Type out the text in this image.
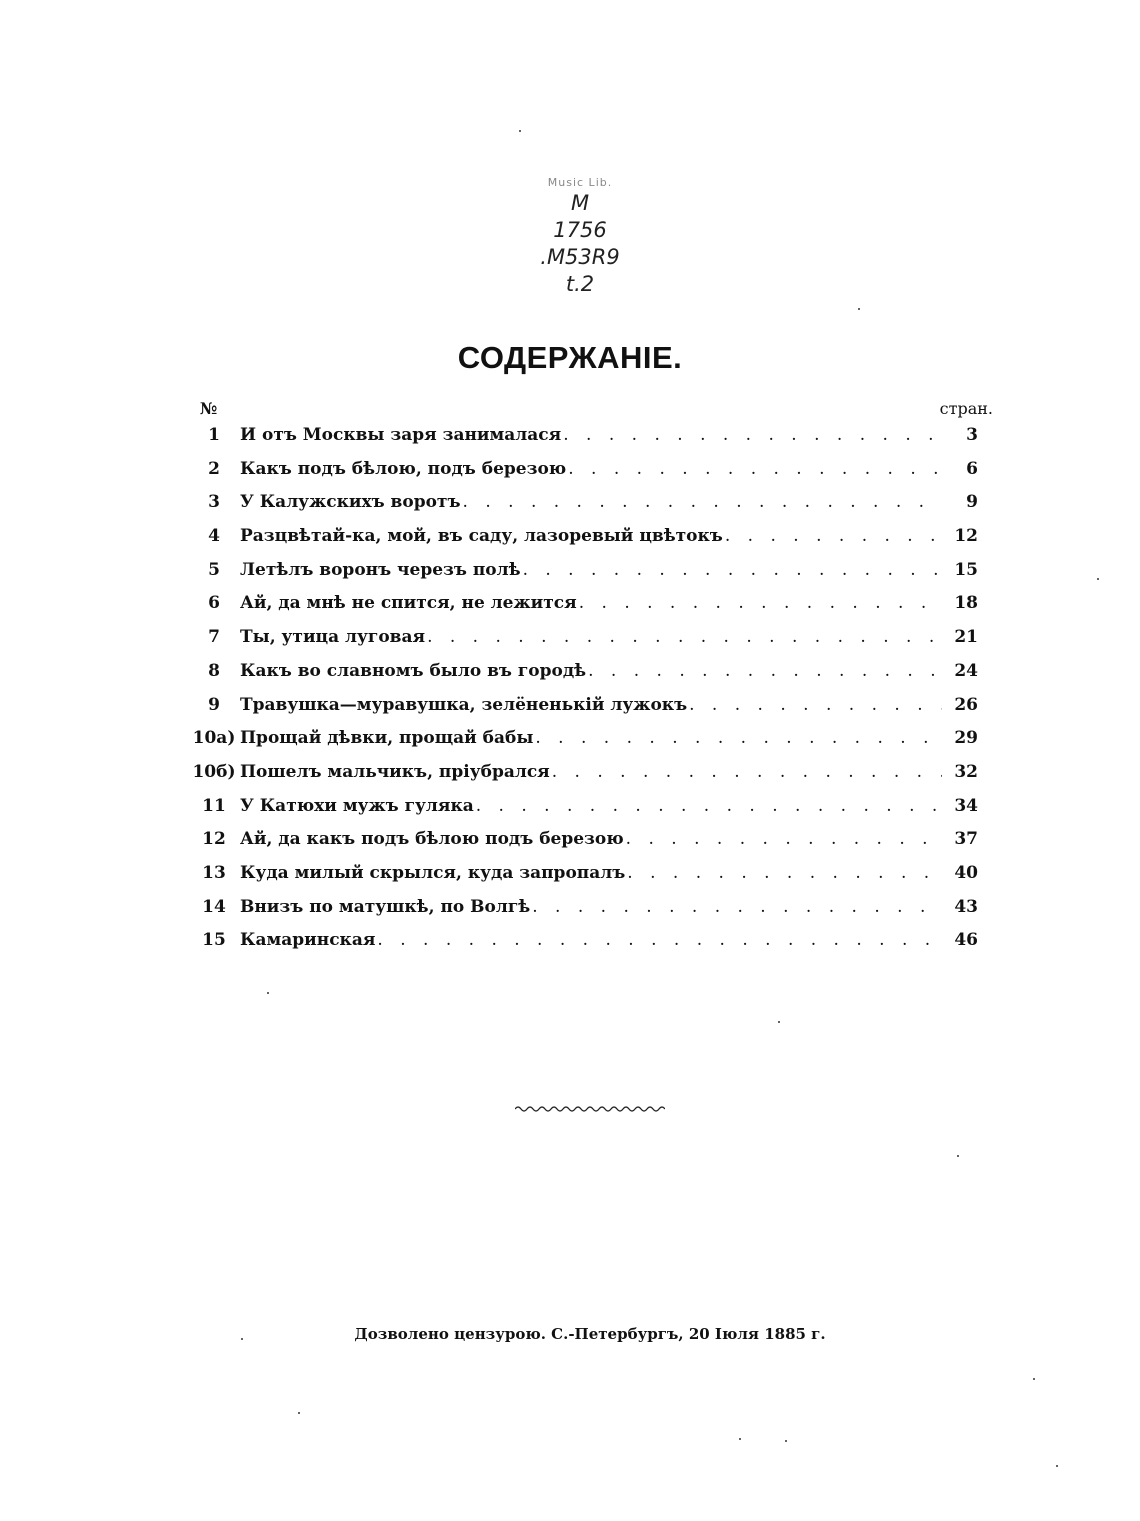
Music Lib.
M
1756
.M53R9
t.2
СОДЕРЖАНІЕ.
№	стран.
1	И отъ Москвы заря занималася . . .	3
2	Какъ подъ бѣлою, подъ березою . . .	6
3	У Калужскихъ воротъ . . .	9
4	Разцвѣтай-ка, мой, въ саду, лазоревый цвѣтокъ . . .	12
5	Летѣлъ воронъ черезъ полѣ . . .	15
6	Ай, да мнѣ не спится, не лежится . . .	18
7	Ты, утица луговая . . .	21
8	Какъ во славномъ было въ городѣ . . .	24
9	Травушка—муравушка, зелёненькій лужокъ . . .	26
10а) Прощай дѣвки, прощай бабы . . .	29
10б) Пошелъ мальчикъ, пріубрался . . .	32
11 У Катюхи мужъ гуляка . . .	34
12 Ай, да какъ подъ бѣлою подъ березою . . .	37
13 Куда милый скрылся, куда запропалъ . . .	40
14 Внизъ по матушкѣ, по Волгѣ . . .	43
15 Камаринская . . .	46
Дозволено цензурою. С.-Петербургъ, 20 Іюля 1885 г.
